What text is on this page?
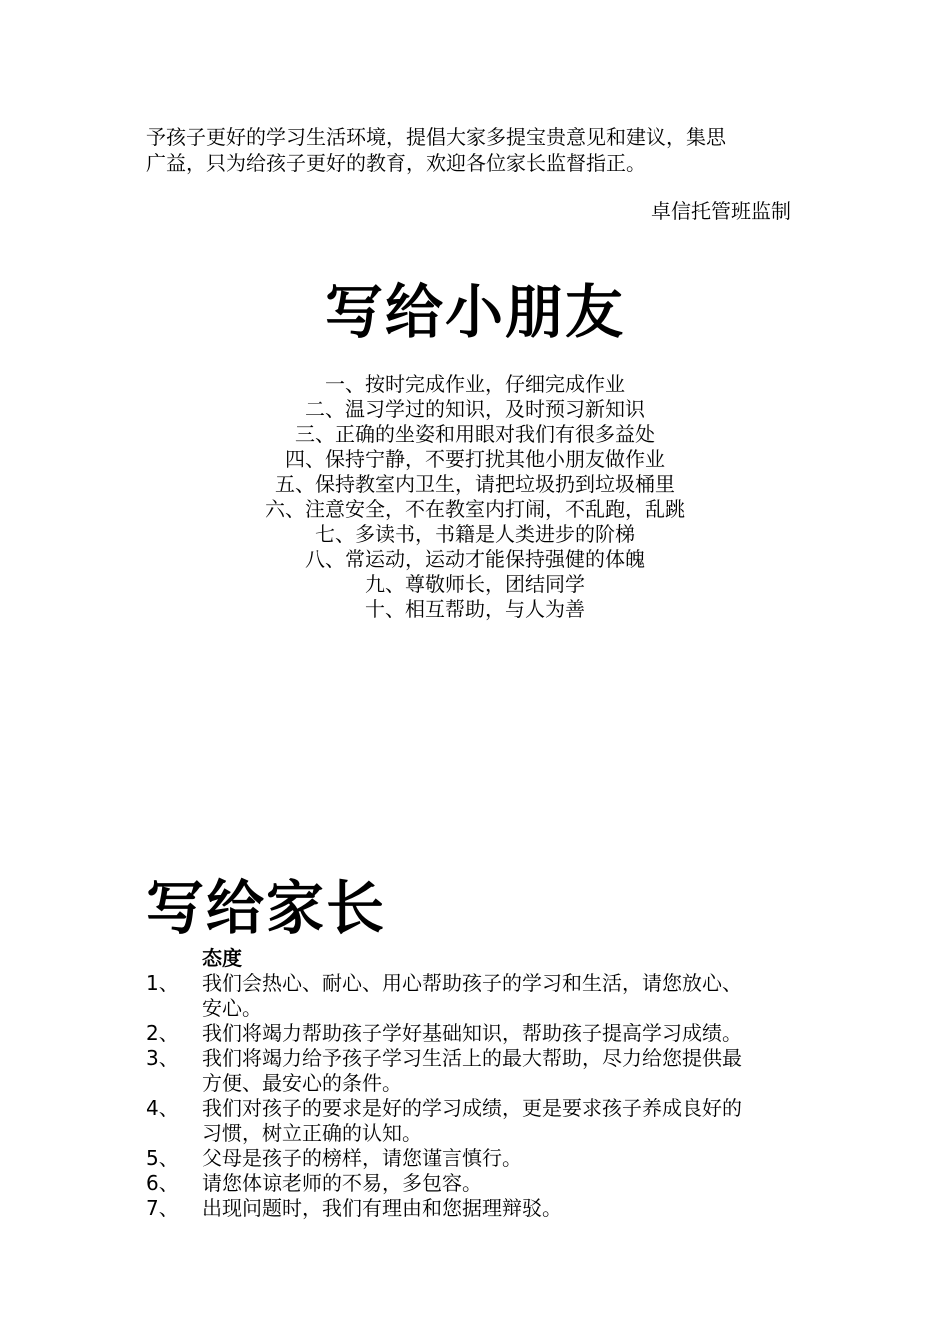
予孩子更好的学习生活环境，提倡大家多提宝贵意见和建议，集思

广益，只为给孩子更好的教育，欢迎各位家长监督指正。

卓信托管班监制
写给小朋友
一、按时完成作业，仔细完成作业
二、温习学过的知识，及时预习新知识
三、正确的坐姿和用眼对我们有很多益处
四、保持宁静，不要打扰其他小朋友做作业
五、保持教室内卫生，请把垃圾扔到垃圾桶里
六、注意安全，不在教室内打闹，不乱跑，乱跳
七、多读书，书籍是人类进步的阶梯
八、常运动，运动才能保持强健的体魄
九、尊敬师长，团结同学
十、相互帮助，与人为善
写给家长
态度
1、	我们会热心、耐心、用心帮助孩子的学习和生活，请您放心、
安心。
2、	我们将竭力帮助孩子学好基础知识，帮助孩子提高学习成绩。
3、	我们将竭力给予孩子学习生活上的最大帮助，尽力给您提供最
方便、最安心的条件。
4、	我们对孩子的要求是好的学习成绩，更是要求孩子养成良好的
习惯，树立正确的认知。
5、	父母是孩子的榜样，请您谨言慎行。
6、	请您体谅老师的不易，多包容。
7、	出现问题时，我们有理由和您据理辩驳。
